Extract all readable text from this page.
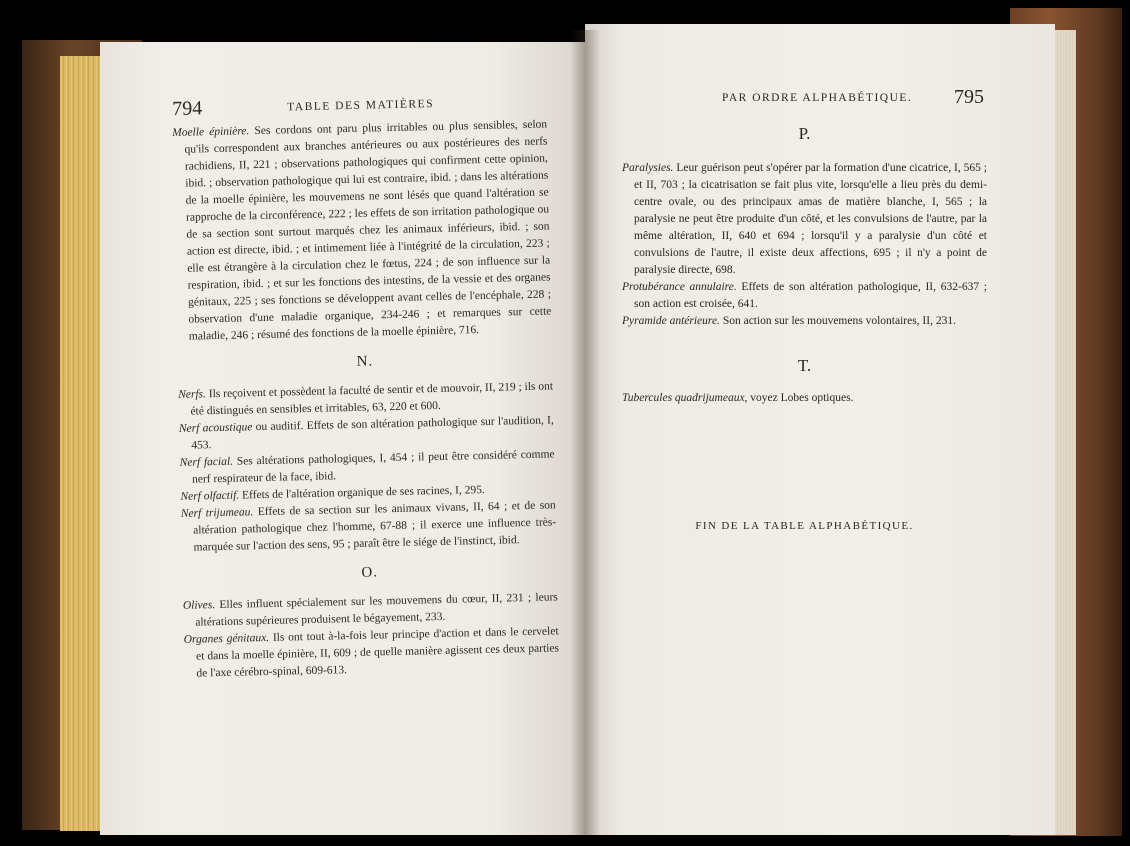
794	TABLE DES MATIÈRES

Moelle épinière. Ses cordons ont paru plus irritables ou plus sensibles, selon qu'ils correspondent aux branches antérieures ou aux postérieures des nerfs rachidiens, II, 221 ; observations pathologiques qui confirment cette opinion, ibid. ; observation pathologique qui lui est contraire, ibid. ; dans les altérations de la moelle épinière, les mouvemens ne sont lésés que quand l'altération se rapproche de la circonférence, 222 ; les effets de son irritation pathologique ou de sa section sont surtout marqués chez les animaux inférieurs, ibid. ; son action est directe, ibid. ; et intimement liée à l'intégrité de la circulation, 223 ; elle est étrangère à la circulation chez le fœtus, 224 ; de son influence sur la respiration, ibid. ; et sur les fonctions des intestins, de la vessie et des organes génitaux, 225 ; ses fonctions se développent avant celles de l'encéphale, 228 ; observation d'une maladie organique, 234-246 ; et remarques sur cette maladie, 246 ; résumé des fonctions de la moelle épinière, 716.

N.

Nerfs. Ils reçoivent et possèdent la faculté de sentir et de mouvoir, II, 219 ; ils ont été distingués en sensibles et irritables, 63, 220 et 600.

Nerf acoustique ou auditif. Effets de son altération pathologique sur l'audition, I, 453.

Nerf facial. Ses altérations pathologiques, I, 454 ; il peut être considéré comme nerf respirateur de la face, ibid.

Nerf olfactif. Effets de l'altération organique de ses racines, I, 295.

Nerf trijumeau. Effets de sa section sur les animaux vivans, II, 64 ; et de son altération pathologique chez l'homme, 67-88 ; il exerce une influence très-marquée sur l'action des sens, 95 ; paraît être le siége de l'instinct, ibid.

O.

Olives. Elles influent spécialement sur les mouvemens du cœur, II, 231 ; leurs altérations supérieures produisent le bégayement, 233.

Organes génitaux. Ils ont tout à-la-fois leur principe d'action et dans le cervelet et dans la moelle épinière, II, 609 ; de quelle manière agissent ces deux parties de l'axe cérébro-spinal, 609-613.

PAR ORDRE ALPHABÉTIQUE. 795
P.

Paralysies. Leur guérison peut s'opérer par la formation d'une cicatrice, I, 565 ; et II, 703 ; la cicatrisation se fait plus vite, lorsqu'elle a lieu près du demi-centre ovale, ou des principaux amas de matière blanche, I, 565 ; la paralysie ne peut être produite d'un côté, et les convulsions de l'autre, par la même altération, II, 640 et 694 ; lorsqu'il y a paralysie d'un côté et convulsions de l'autre, il existe deux affections, 695 ; il n'y a point de paralysie directe, 698.

Protubérance annulaire. Effets de son altération pathologique, II, 632-637 ; son action est croisée, 641.

Pyramide antérieure. Son action sur les mouvemens volontaires, II, 231.

T.
Tubercules quadrijumeaux, voyez Lobes optiques.
FIN DE LA TABLE ALPHABÉTIQUE.
